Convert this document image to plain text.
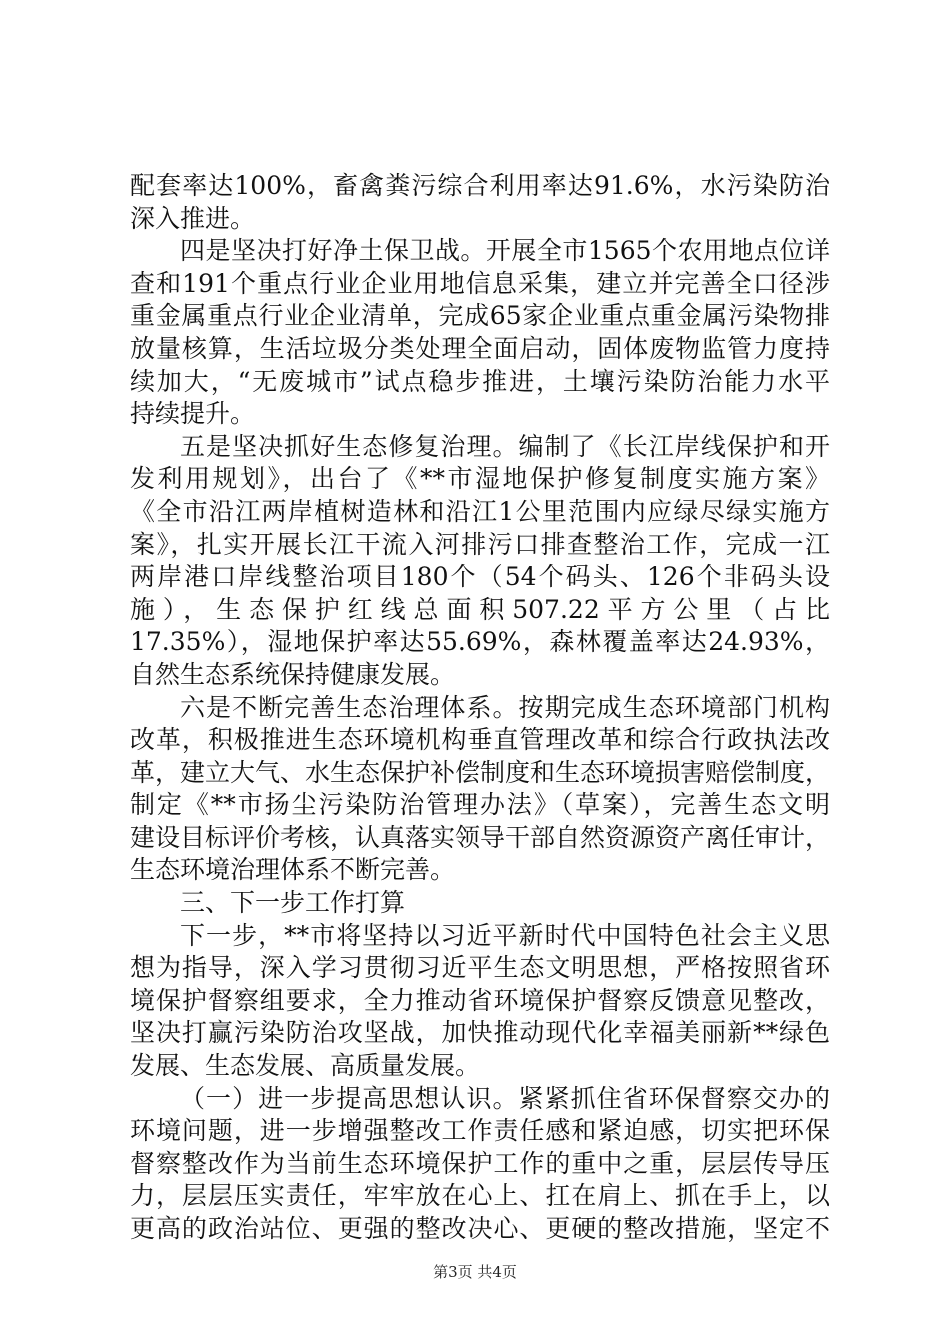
配套率达100%，畜禽粪污综合利用率达91.6%，水污染防治
深入推进。
四是坚决打好净土保卫战。开展全市1565个农用地点位详
查和191个重点行业企业用地信息采集，建立并完善全口径涉
重金属重点行业企业清单，完成65家企业重点重金属污染物排
放量核算，生活垃圾分类处理全面启动，固体废物监管力度持
续加大，“无废城市”试点稳步推进，土壤污染防治能力水平
持续提升。
五是坚决抓好生态修复治理。编制了《长江岸线保护和开
发利用规划》，出台了《**市湿地保护修复制度实施方案》
《全市沿江两岸植树造林和沿江1公里范围内应绿尽绿实施方
案》，扎实开展长江干流入河排污口排查整治工作，完成一江
两岸港口岸线整治项目180个（54个码头、126个非码头设
施），生态保护红线总面积507.22平方公里（占比
17.35%），湿地保护率达55.69%，森林覆盖率达24.93%，
自然生态系统保持健康发展。
六是不断完善生态治理体系。按期完成生态环境部门机构
改革，积极推进生态环境机构垂直管理改革和综合行政执法改
革，建立大气、水生态保护补偿制度和生态环境损害赔偿制度，
制定《**市扬尘污染防治管理办法》（草案），完善生态文明
建设目标评价考核，认真落实领导干部自然资源资产离任审计，
生态环境治理体系不断完善。
三、下一步工作打算
下一步，**市将坚持以习近平新时代中国特色社会主义思
想为指导，深入学习贯彻习近平生态文明思想，严格按照省环
境保护督察组要求，全力推动省环境保护督察反馈意见整改，
坚决打赢污染防治攻坚战，加快推动现代化幸福美丽新**绿色
发展、生态发展、高质量发展。
（一）进一步提高思想认识。紧紧抓住省环保督察交办的
环境问题，进一步增强整改工作责任感和紧迫感，切实把环保
督察整改作为当前生态环境保护工作的重中之重，层层传导压
力，层层压实责任，牢牢放在心上、扛在肩上、抓在手上，以
更高的政治站位、更强的整改决心、更硬的整改措施，坚定不
第3页 共4页
